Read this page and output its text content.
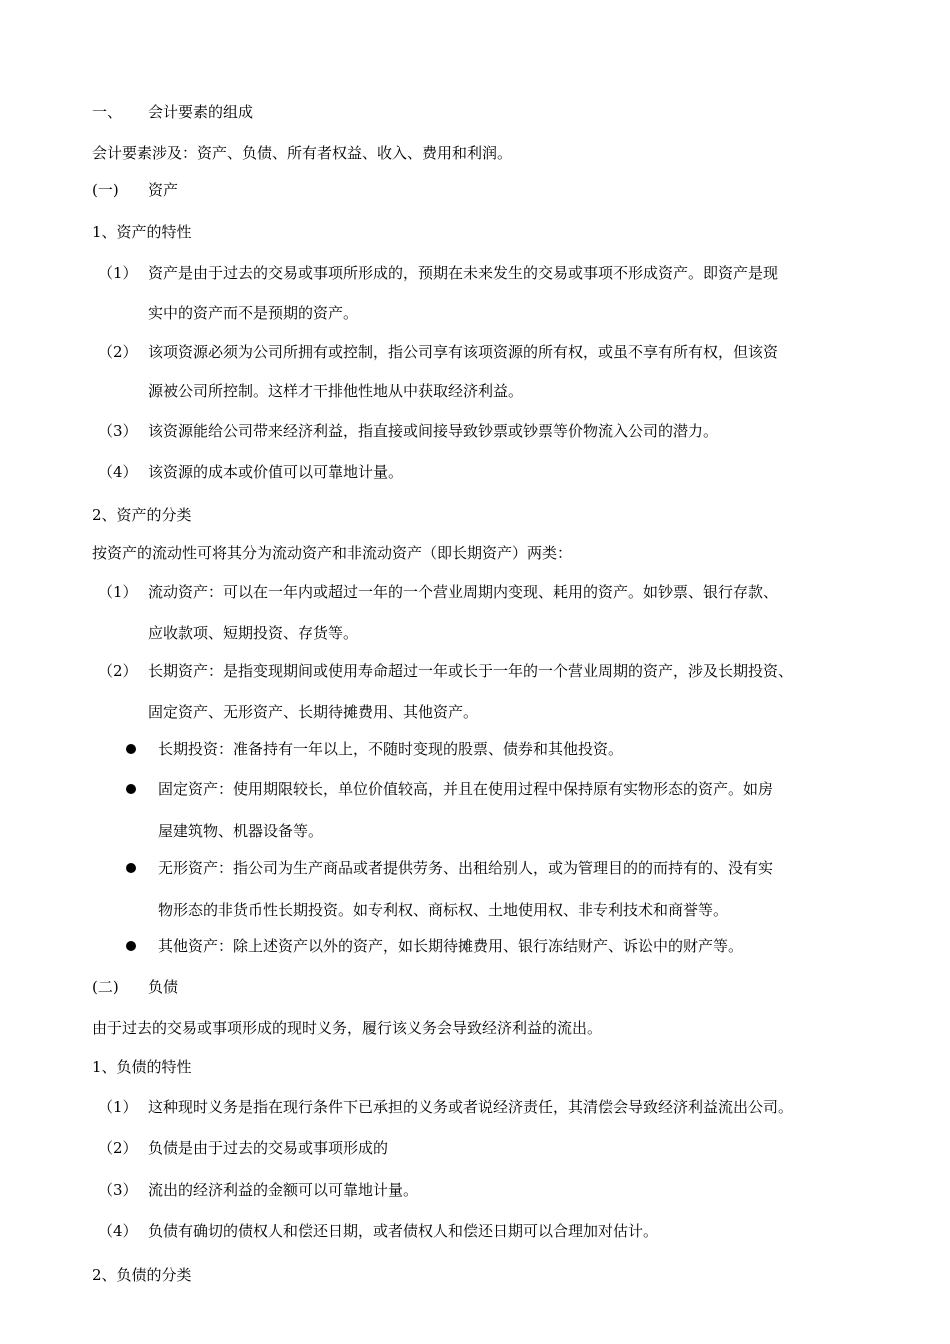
一、 会计要素的组成
会计要素涉及：资产、负债、所有者权益、收入、费用和利润。
(一) 资产
1、资产的特性
（1） 资产是由于过去的交易或事项所形成的，预期在未来发生的交易或事项不形成资产。即资产是现
实中的资产而不是预期的资产。
（2） 该项资源必须为公司所拥有或控制，指公司享有该项资源的所有权，或虽不享有所有权，但该资
源被公司所控制。这样才干排他性地从中获取经济利益。
（3） 该资源能给公司带来经济利益，指直接或间接导致钞票或钞票等价物流入公司的潜力。
（4） 该资源的成本或价值可以可靠地计量。
2、资产的分类
按资产的流动性可将其分为流动资产和非流动资产（即长期资产）两类：
（1） 流动资产：可以在一年内或超过一年的一个营业周期内变现、耗用的资产。如钞票、银行存款、
应收款项、短期投资、存货等。
（2） 长期资产：是指变现期间或使用寿命超过一年或长于一年的一个营业周期的资产，涉及长期投资、
固定资产、无形资产、长期待摊费用、其他资产。
长期投资：准备持有一年以上，不随时变现的股票、债券和其他投资。
固定资产：使用期限较长，单位价值较高，并且在使用过程中保持原有实物形态的资产。如房
屋建筑物、机器设备等。
无形资产：指公司为生产商品或者提供劳务、出租给别人，或为管理目的的而持有的、没有实
物形态的非货币性长期投资。如专利权、商标权、土地使用权、非专利技术和商誉等。
其他资产：除上述资产以外的资产，如长期待摊费用、银行冻结财产、诉讼中的财产等。
(二) 负债
由于过去的交易或事项形成的现时义务，履行该义务会导致经济利益的流出。
1、负债的特性
（1） 这种现时义务是指在现行条件下已承担的义务或者说经济责任，其清偿会导致经济利益流出公司。
（2） 负债是由于过去的交易或事项形成的
（3） 流出的经济利益的金额可以可靠地计量。
（4） 负债有确切的债权人和偿还日期，或者债权人和偿还日期可以合理加对估计。
2、负债的分类
